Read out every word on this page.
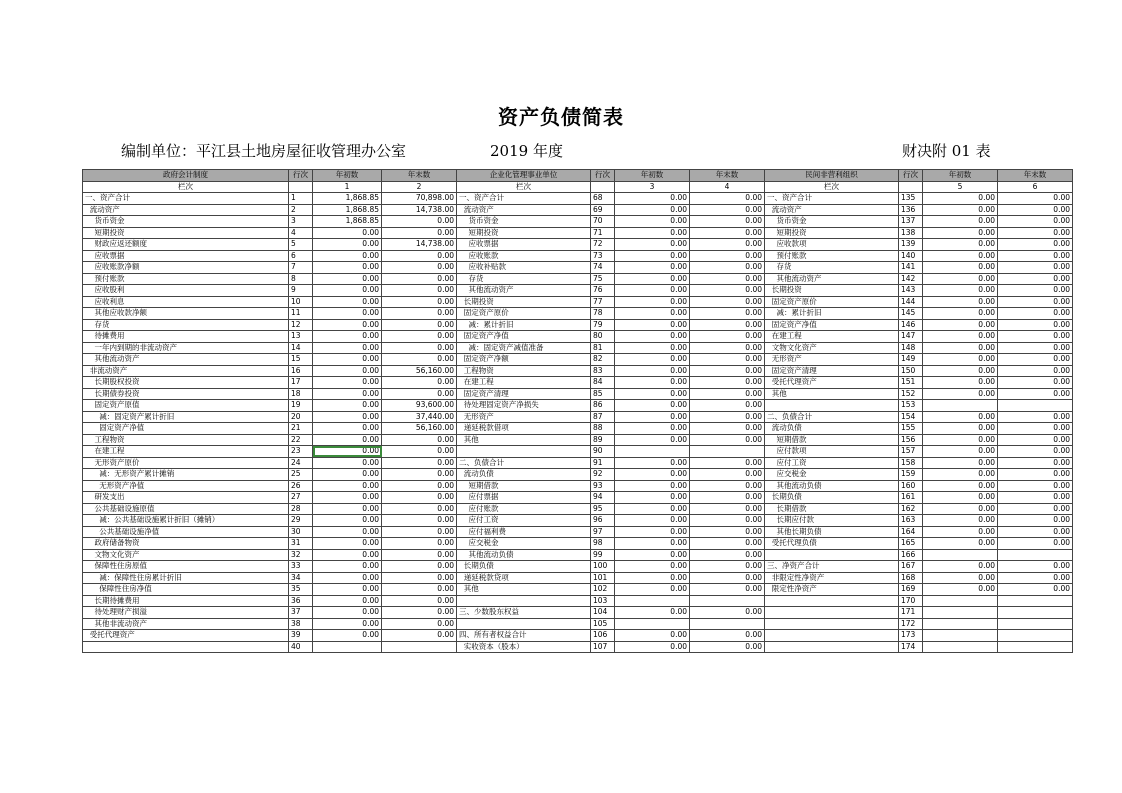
资产负债简表
编制单位：平江县土地房屋征收管理办公室	2019 年度	财决附 01 表
政府会计制度	行次	年初数	年末数	企业化管理事业单位	行次	年初数	年末数	民间非营利组织	行次	年初数	年末数
栏次		1	2	栏次		3	4	栏次		5	6
一、资产合计	1	1,868.85	70,898.00	一、资产合计	68	0.00	0.00	一、资产合计	135	0.00	0.00
流动资产	2	1,868.85	14,738.00	流动资产	69	0.00	0.00	流动资产	136	0.00	0.00
货币资金	3	1,868.85	0.00	货币资金	70	0.00	0.00	货币资金	137	0.00	0.00
短期投资	4	0.00	0.00	短期投资	71	0.00	0.00	短期投资	138	0.00	0.00
财政应返还额度	5	0.00	14,738.00	应收票据	72	0.00	0.00	应收款项	139	0.00	0.00
应收票据	6	0.00	0.00	应收账款	73	0.00	0.00	预付账款	140	0.00	0.00
应收账款净额	7	0.00	0.00	应收补贴款	74	0.00	0.00	存货	141	0.00	0.00
预付账款	8	0.00	0.00	存货	75	0.00	0.00	其他流动资产	142	0.00	0.00
应收股利	9	0.00	0.00	其他流动资产	76	0.00	0.00	长期投资	143	0.00	0.00
应收利息	10	0.00	0.00	长期投资	77	0.00	0.00	固定资产原价	144	0.00	0.00
其他应收款净额	11	0.00	0.00	固定资产原价	78	0.00	0.00	减：累计折旧	145	0.00	0.00
存货	12	0.00	0.00	减：累计折旧	79	0.00	0.00	固定资产净值	146	0.00	0.00
待摊费用	13	0.00	0.00	固定资产净值	80	0.00	0.00	在建工程	147	0.00	0.00
一年内到期的非流动资产	14	0.00	0.00	减：固定资产减值准备	81	0.00	0.00	文物文化资产	148	0.00	0.00
其他流动资产	15	0.00	0.00	固定资产净额	82	0.00	0.00	无形资产	149	0.00	0.00
非流动资产	16	0.00	56,160.00	工程物资	83	0.00	0.00	固定资产清理	150	0.00	0.00
长期股权投资	17	0.00	0.00	在建工程	84	0.00	0.00	受托代理资产	151	0.00	0.00
长期债券投资	18	0.00	0.00	固定资产清理	85	0.00	0.00	其他	152	0.00	0.00
固定资产原值	19	0.00	93,600.00	待处理固定资产净损失	86	0.00	0.00		153		
减：固定资产累计折旧	20	0.00	37,440.00	无形资产	87	0.00	0.00	二、负债合计	154	0.00	0.00
固定资产净值	21	0.00	56,160.00	递延税款借项	88	0.00	0.00	流动负债	155	0.00	0.00
工程物资	22	0.00	0.00	其他	89	0.00	0.00	短期借款	156	0.00	0.00
在建工程	23	0.00	0.00		90			应付款项	157	0.00	0.00
无形资产原价	24	0.00	0.00	二、负债合计	91	0.00	0.00	应付工资	158	0.00	0.00
减：无形资产累计摊销	25	0.00	0.00	流动负债	92	0.00	0.00	应交税金	159	0.00	0.00
无形资产净值	26	0.00	0.00	短期借款	93	0.00	0.00	其他流动负债	160	0.00	0.00
研发支出	27	0.00	0.00	应付票据	94	0.00	0.00	长期负债	161	0.00	0.00
公共基础设施原值	28	0.00	0.00	应付账款	95	0.00	0.00	长期借款	162	0.00	0.00
减：公共基础设施累计折旧（摊销）	29	0.00	0.00	应付工资	96	0.00	0.00	长期应付款	163	0.00	0.00
公共基础设施净值	30	0.00	0.00	应付福利费	97	0.00	0.00	其他长期负债	164	0.00	0.00
政府储备物资	31	0.00	0.00	应交税金	98	0.00	0.00	受托代理负债	165	0.00	0.00
文物文化资产	32	0.00	0.00	其他流动负债	99	0.00	0.00		166		
保障性住房原值	33	0.00	0.00	长期负债	100	0.00	0.00	三、净资产合计	167	0.00	0.00
减：保障性住房累计折旧	34	0.00	0.00	递延税款贷项	101	0.00	0.00	非限定性净资产	168	0.00	0.00
保障性住房净值	35	0.00	0.00	其他	102	0.00	0.00	限定性净资产	169	0.00	0.00
长期待摊费用	36	0.00	0.00		103				170		
待处理财产损溢	37	0.00	0.00	三、少数股东权益	104	0.00	0.00		171		
其他非流动资产	38	0.00	0.00		105				172		
受托代理资产	39	0.00	0.00	四、所有者权益合计	106	0.00	0.00		173		
	40			实收资本（股本）	107	0.00	0.00		174		
